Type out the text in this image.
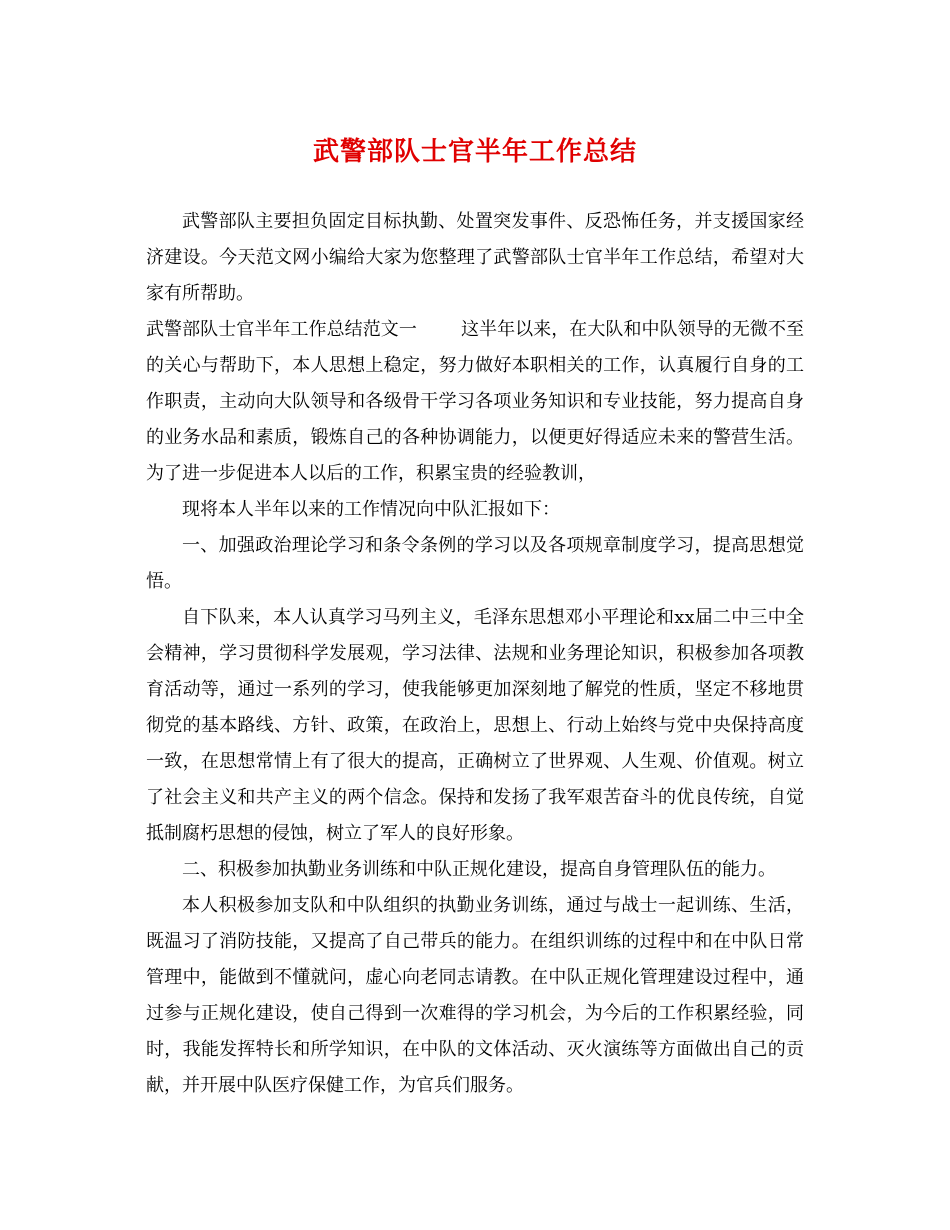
武警部队士官半年工作总结

武警部队主要担负固定目标执勤、处置突发事件、反恐怖任务，并支援国家经济建设。今天范文网小编给大家为您整理了武警部队士官半年工作总结，希望对大家有所帮助。

武警部队士官半年工作总结范文一 这半年以来，在大队和中队领导的无微不至的关心与帮助下，本人思想上稳定，努力做好本职相关的工作，认真履行自身的工作职责，主动向大队领导和各级骨干学习各项业务知识和专业技能，努力提高自身的业务水品和素质，锻炼自己的各种协调能力，以便更好得适应未来的警营生活。为了进一步促进本人以后的工作，积累宝贵的经验教训，

现将本人半年以来的工作情况向中队汇报如下：

一、加强政治理论学习和条令条例的学习以及各项规章制度学习，提高思想觉悟。

自下队来，本人认真学习马列主义，毛泽东思想邓小平理论和xx届二中三中全会精神，学习贯彻科学发展观，学习法律、法规和业务理论知识，积极参加各项教育活动等，通过一系列的学习，使我能够更加深刻地了解党的性质，坚定不移地贯彻党的基本路线、方针、政策，在政治上，思想上、行动上始终与党中央保持高度一致，在思想常情上有了很大的提高，正确树立了世界观、人生观、价值观。树立了社会主义和共产主义的两个信念。保持和发扬了我军艰苦奋斗的优良传统，自觉抵制腐朽思想的侵蚀，树立了军人的良好形象。

二、积极参加执勤业务训练和中队正规化建设，提高自身管理队伍的能力。

本人积极参加支队和中队组织的执勤业务训练，通过与战士一起训练、生活，既温习了消防技能，又提高了自己带兵的能力。在组织训练的过程中和在中队日常管理中，能做到不懂就问，虚心向老同志请教。在中队正规化管理建设过程中，通过参与正规化建设，使自己得到一次难得的学习机会，为今后的工作积累经验，同时，我能发挥特长和所学知识，在中队的文体活动、灭火演练等方面做出自己的贡献，并开展中队医疗保健工作，为官兵们服务。
